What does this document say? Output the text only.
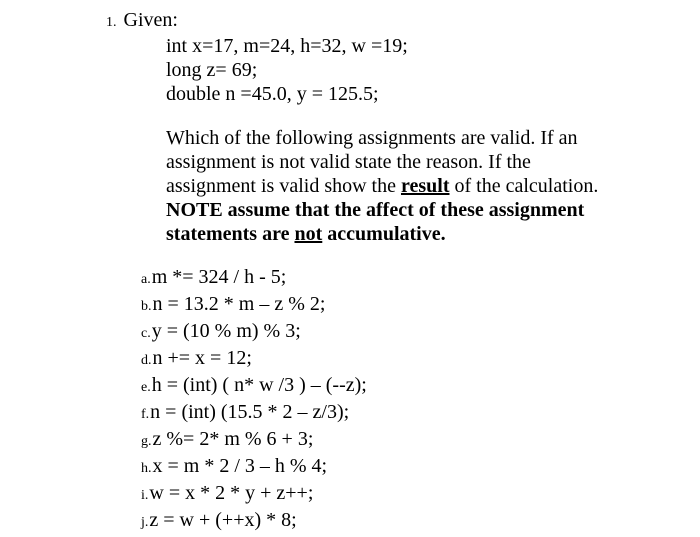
1. Given:
int x=17, m=24, h=32, w =19;
long z= 69;
double n =45.0, y = 125.5;
Which of the following assignments are valid. If an
assignment is not valid state the reason. If the
assignment is valid show the result of the calculation.
NOTE assume that the affect of these assignment
statements are not accumulative.
a.m *= 324 / h - 5;
b.n = 13.2 * m – z % 2;
c.y = (10 % m) % 3;
d.n += x = 12;
e.h = (int) ( n* w /3 ) – (--z);
f.n = (int) (15.5 * 2 – z/3);
g.z %= 2* m % 6 + 3;
h.x = m * 2 / 3 – h % 4;
i.w = x * 2 * y + z++;
j.z = w + (++x) * 8;
